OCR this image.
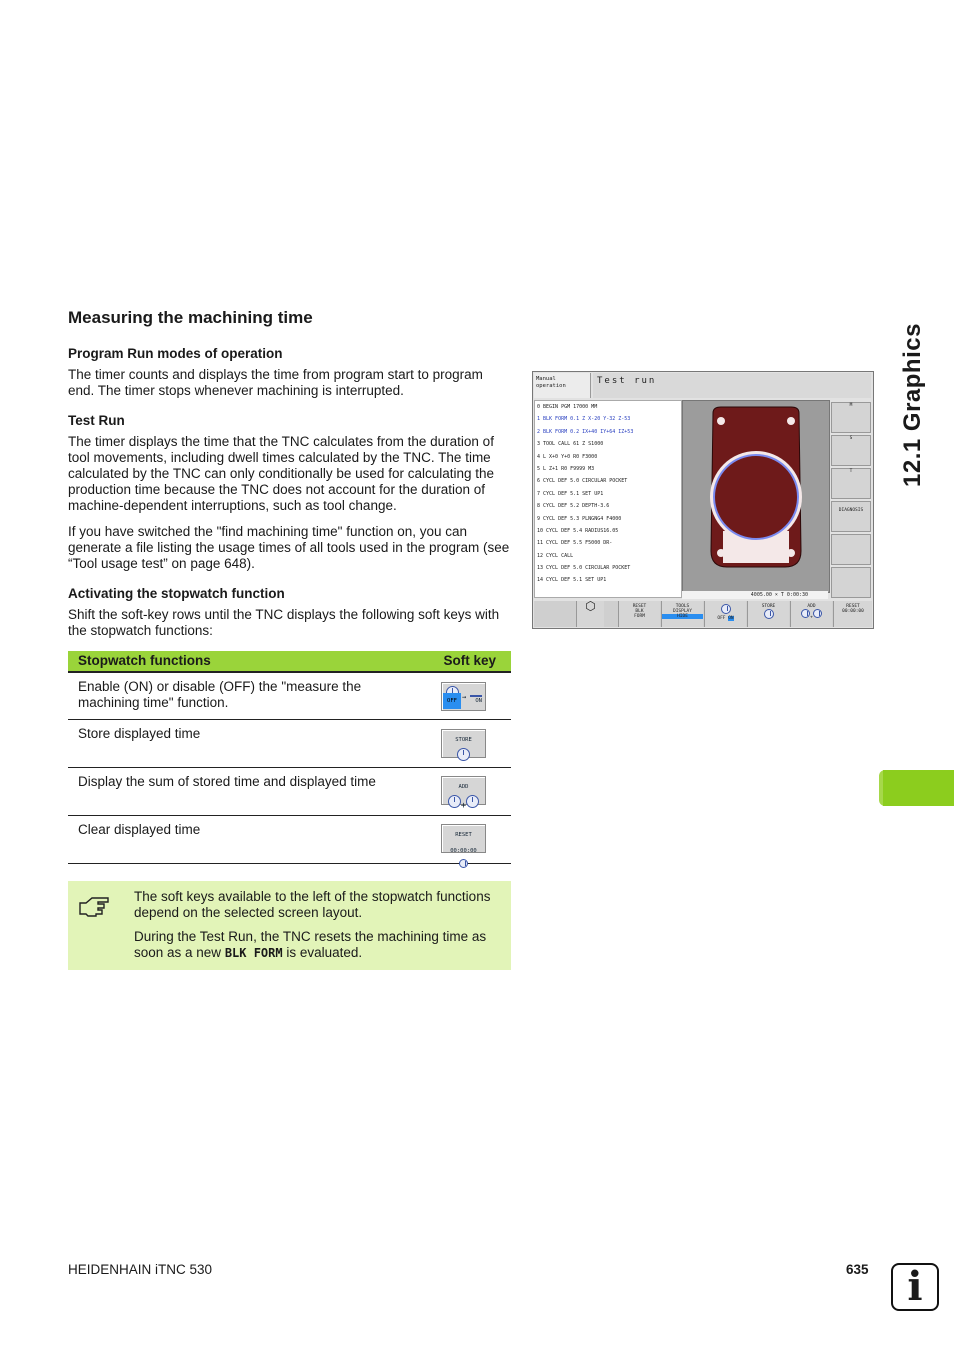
12.1 Graphics
Measuring the machining time
Program Run modes of operation
The timer counts and displays the time from program start to program end. The timer stops whenever machining is interrupted.
Test Run
The timer displays the time that the TNC calculates from the duration of tool movements, including dwell times calculated by the TNC. The time calculated by the TNC can only conditionally be used for calculating the production time because the TNC does not account for the duration of machine-dependent interruptions, such as tool change.
If you have switched the "find machining time" function on, you can generate a file listing the usage times of all tools used in the program (see “Tool usage test” on page 648).
Activating the stopwatch function
Shift the soft-key rows until the TNC displays the following soft keys with the stopwatch functions:
Stopwatch functions	Soft key
Enable (ON) or disable (OFF) the "measure the machining time" function.	→
OFF	ON
Store displayed time	STORE
Display the sum of stored time and displayed time	ADD
+
Clear displayed time	RESET
00:00:00
The soft keys available to the left of the stopwatch functions depend on the selected screen layout.
During the Test Run, the TNC resets the machining time as soon as a new BLK FORM is evaluated.
Manual
operation	Test run
0 BEGIN PGM 17000 MM
1 BLK FORM 0.1 Z X-20 Y-32 Z-53
2 BLK FORM 0.2 IX+40 IY+64 IZ+53
3 TOOL CALL 61 Z S1000
4 L X+0 Y+0 R0 F3000
5 L Z+1 R0 F9999 M3
6 CYCL DEF 5.0 CIRCULAR POCKET
7 CYCL DEF 5.1 SET UP1
8 CYCL DEF 5.2 DEPTH-3.6
9 CYCL DEF 5.3 PLNGNG4 F4000
10 CYCL DEF 5.4 RADIUS16.05
11 CYCL DEF 5.5 F5000 DR-
12 CYCL CALL
13 CYCL DEF 5.0 CIRCULAR POCKET
14 CYCL DEF 5.1 SET UP1
4005.00 × T 0:00:30
M
S
T
DIAGNOSIS
⬡	RESET
BLK
FORM
TOOLS
DISPLAY
HIDE	OFF ON
STORE	ADD
+
RESET
00:00:00
HEIDENHAIN iTNC 530	635 i
